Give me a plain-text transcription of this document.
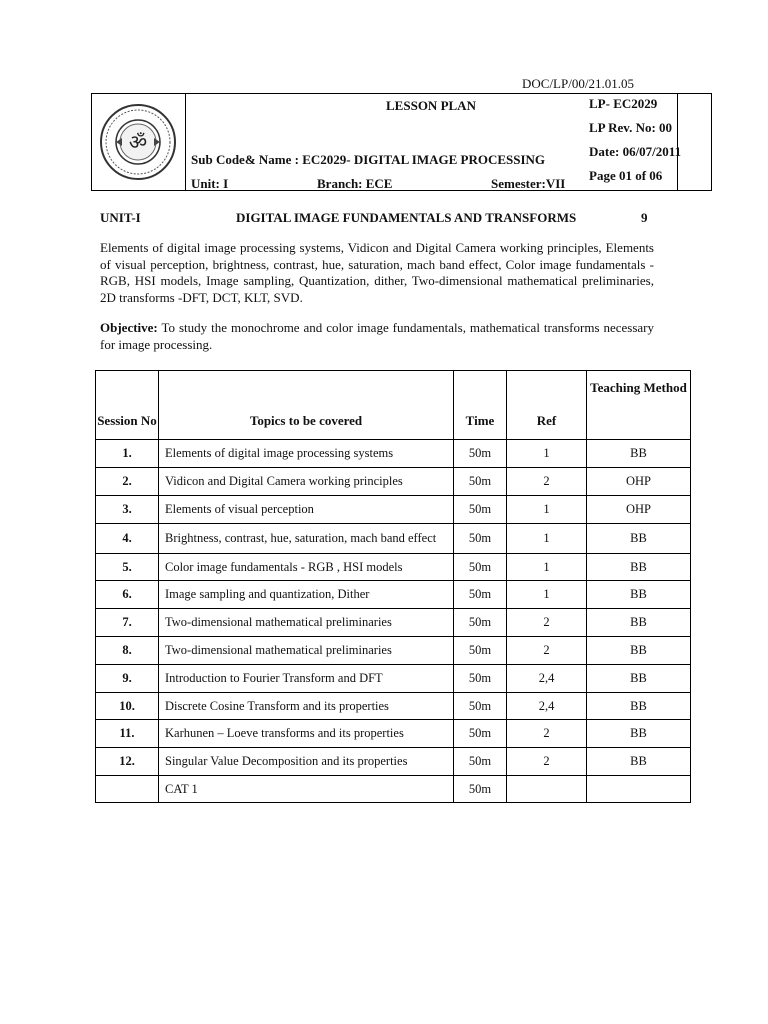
DOC/LP/00/21.01.05
ॐ
LESSON PLAN
Sub Code& Name : EC2029- DIGITAL IMAGE PROCESSING
Unit: I	Branch: ECE	Semester:VII
LP- EC2029
LP Rev. No: 00
Date: 06/07/2011
Page 01 of 06
UNIT-I	DIGITAL IMAGE FUNDAMENTALS AND TRANSFORMS	9
Elements of digital image processing systems, Vidicon and Digital Camera working principles, Elements of visual perception, brightness, contrast, hue, saturation, mach band effect, Color image fundamentals - RGB, HSI models, Image sampling, Quantization, dither, Two-dimensional mathematical preliminaries, 2D transforms -DFT, DCT, KLT, SVD.
Objective: To study the monochrome and color image fundamentals, mathematical transforms necessary for image processing.
Session No	Topics to be covered	Time	Ref	Teaching Method
1.	Elements of digital image processing systems	50m	1	BB
2.	Vidicon and Digital Camera working principles	50m	2	OHP
3.	Elements of visual perception	50m	1	OHP
4.	Brightness, contrast, hue, saturation, mach band effect	50m	1	BB
5.	Color image fundamentals - RGB , HSI models	50m	1	BB
6.	Image sampling and quantization, Dither	50m	1	BB
7.	Two-dimensional mathematical preliminaries	50m	2	BB
8.	Two-dimensional mathematical preliminaries	50m	2	BB
9.	Introduction to Fourier Transform and DFT	50m	2,4	BB
10.	Discrete Cosine Transform and its properties	50m	2,4	BB
11.	Karhunen – Loeve transforms and its properties	50m	2	BB
12.	Singular Value Decomposition and its properties	50m	2	BB
	CAT 1	50m		
